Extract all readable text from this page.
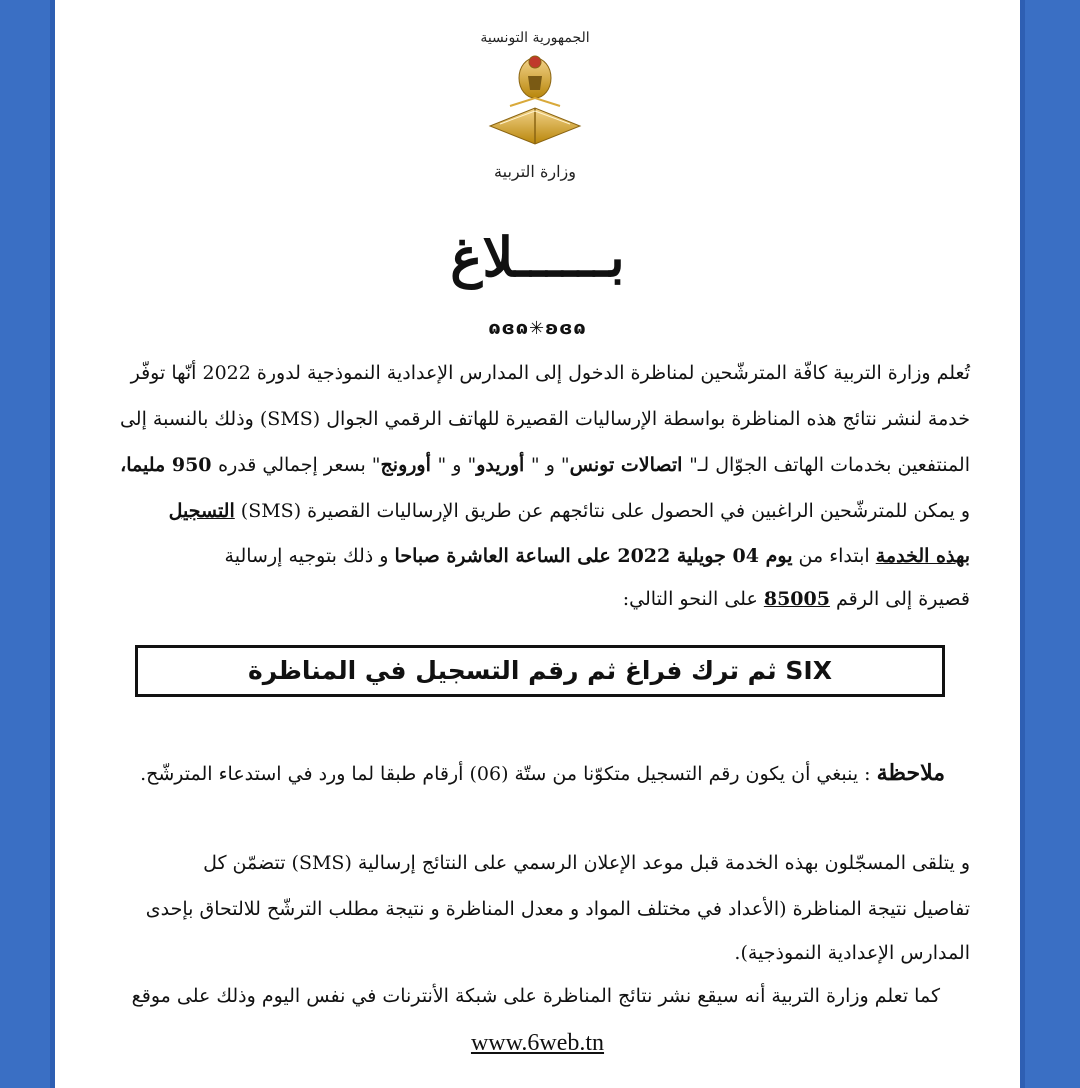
الجمهورية التونسية
وزارة التربية
بــــــلاغ
ɷɞɷ✳ʚɞɷ
تُعلم وزارة التربية كافّة المترشّحين لمناظرة الدخول إلى المدارس الإعدادية النموذجية لدورة 2022 أنّها توفّر
خدمة لنشر نتائج هذه المناظرة بواسطة الإرساليات القصيرة للهاتف الرقمي الجوال (SMS) وذلك بالنسبة إلى
المنتفعين بخدمات الهاتف الجوّال لـ" اتصالات تونس" و " أوريدو" و " أورونج" بسعر إجمالي قدره 950 مليما،
و يمكن للمترشّحين الراغبين في الحصول على نتائجهم عن طريق الإرساليات القصيرة (SMS) التسجيل
بهذه الخدمة ابتداء من يوم 04 جويلية 2022 على الساعة العاشرة صباحا و ذلك بتوجيه إرسالية
قصيرة إلى الرقم 85005 على النحو التالي:
SIX ثم ترك فراغ ثم رقم التسجيل في المناظرة
ملاحظة : ينبغي أن يكون رقم التسجيل متكوّنا من ستّة (06) أرقام طبقا لما ورد في استدعاء المترشّح.
و يتلقى المسجّلون بهذه الخدمة قبل موعد الإعلان الرسمي على النتائج إرسالية (SMS) تتضمّن كل
تفاصيل نتيجة المناظرة (الأعداد في مختلف المواد و معدل المناظرة و نتيجة مطلب الترشّح للالتحاق بإحدى
المدارس الإعدادية النموذجية).
كما تعلم وزارة التربية أنه سيقع نشر نتائج المناظرة على شبكة الأنترنات في نفس اليوم وذلك على موقع
www.6web.tn
